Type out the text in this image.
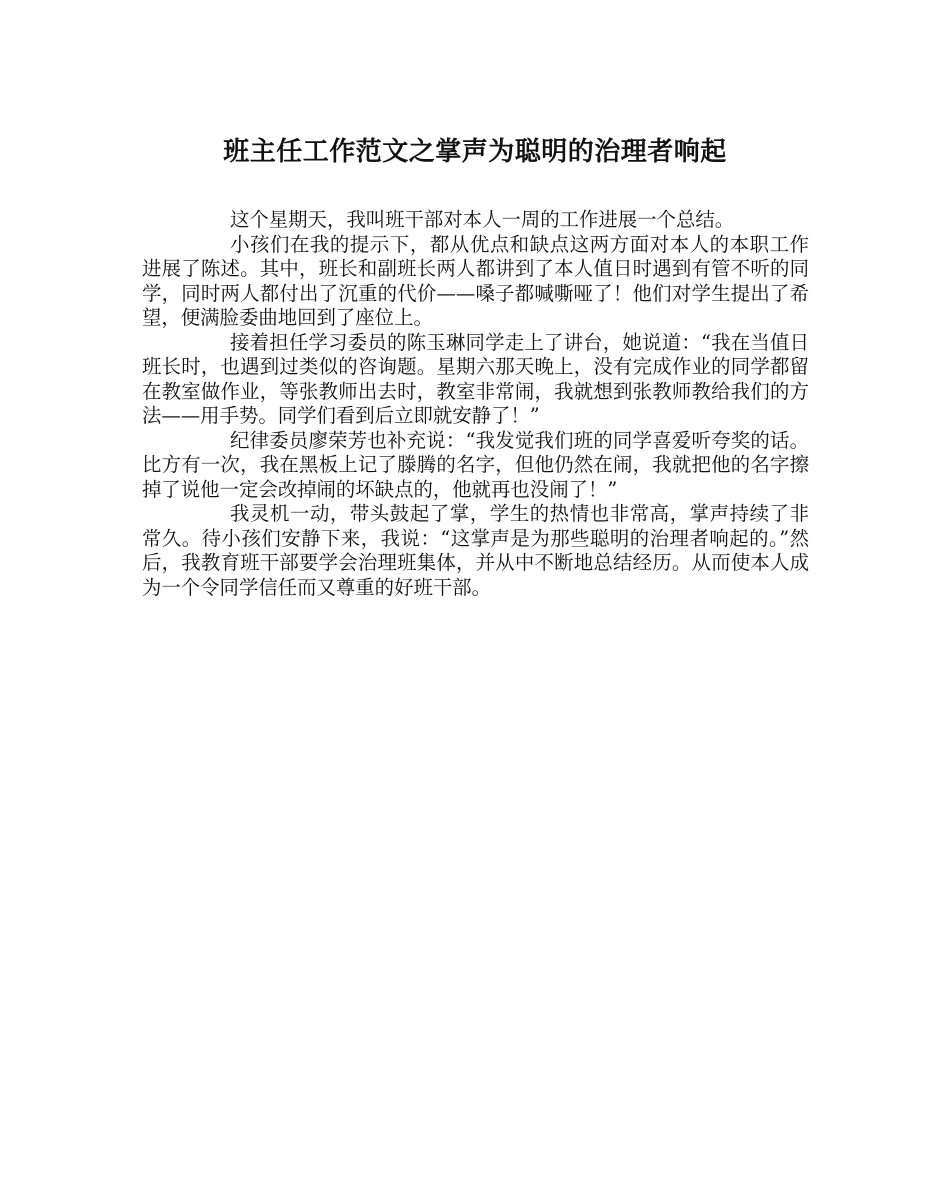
班主任工作范文之掌声为聪明的治理者响起

这个星期天，我叫班干部对本人一周的工作进展一个总结。

小孩们在我的提示下，都从优点和缺点这两方面对本人的本职工作进展了陈述。其中，班长和副班长两人都讲到了本人值日时遇到有管不听的同学，同时两人都付出了沉重的代价——嗓子都喊嘶哑了！他们对学生提出了希望，便满脸委曲地回到了座位上。

接着担任学习委员的陈玉琳同学走上了讲台，她说道：“我在当值日班长时，也遇到过类似的咨询题。星期六那天晚上，没有完成作业的同学都留在教室做作业，等张教师出去时，教室非常闹，我就想到张教师教给我们的方法——用手势。同学们看到后立即就安静了！”

纪律委员廖荣芳也补充说：“我发觉我们班的同学喜爱听夸奖的话。比方有一次，我在黑板上记了滕腾的名字，但他仍然在闹，我就把他的名字擦掉了说他一定会改掉闹的坏缺点的，他就再也没闹了！”

我灵机一动，带头鼓起了掌，学生的热情也非常高，掌声持续了非常久。待小孩们安静下来，我说：“这掌声是为那些聪明的治理者响起的。”然后，我教育班干部要学会治理班集体，并从中不断地总结经历。从而使本人成为一个令同学信任而又尊重的好班干部。
